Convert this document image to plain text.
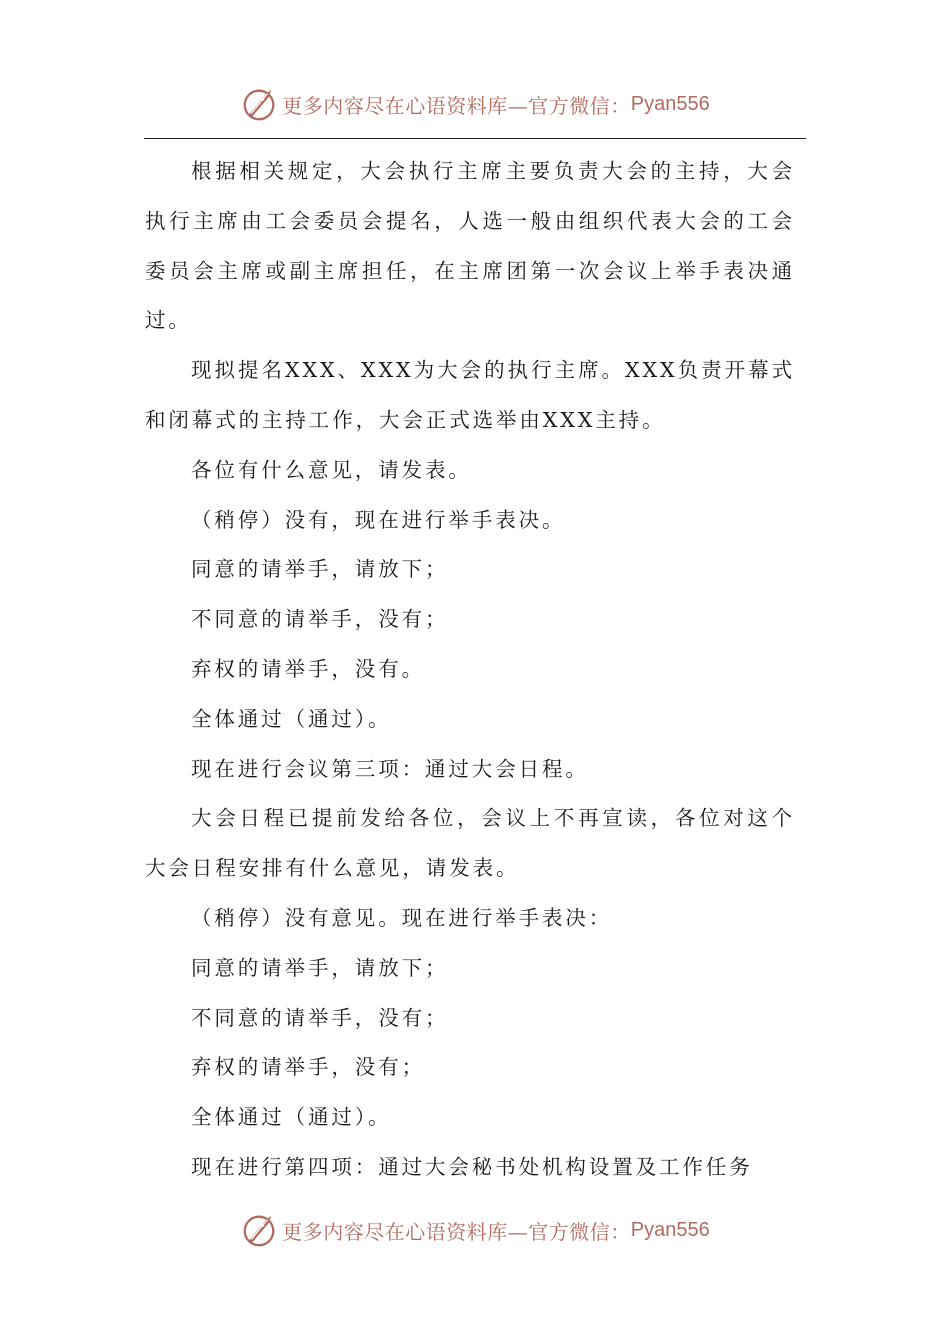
更多内容尽在心语资料库—官方微信： Pyan556

根据相关规定，大会执行主席主要负责大会的主持，大会执行主席由工会委员会提名，人选一般由组织代表大会的工会委员会主席或副主席担任，在主席团第一次会议上举手表决通过。

现拟提名XXX、XXX为大会的执行主席。XXX负责开幕式和闭幕式的主持工作，大会正式选举由XXX主持。

各位有什么意见，请发表。

（稍停）没有，现在进行举手表决。

同意的请举手，请放下；

不同意的请举手，没有；

弃权的请举手，没有。

全体通过（通过）。

现在进行会议第三项：通过大会日程。

大会日程已提前发给各位，会议上不再宣读，各位对这个大会日程安排有什么意见，请发表。

（稍停）没有意见。现在进行举手表决：

同意的请举手，请放下；

不同意的请举手，没有；

弃权的请举手，没有；

全体通过（通过）。

现在进行第四项：通过大会秘书处机构设置及工作任务

更多内容尽在心语资料库—官方微信： Pyan556
